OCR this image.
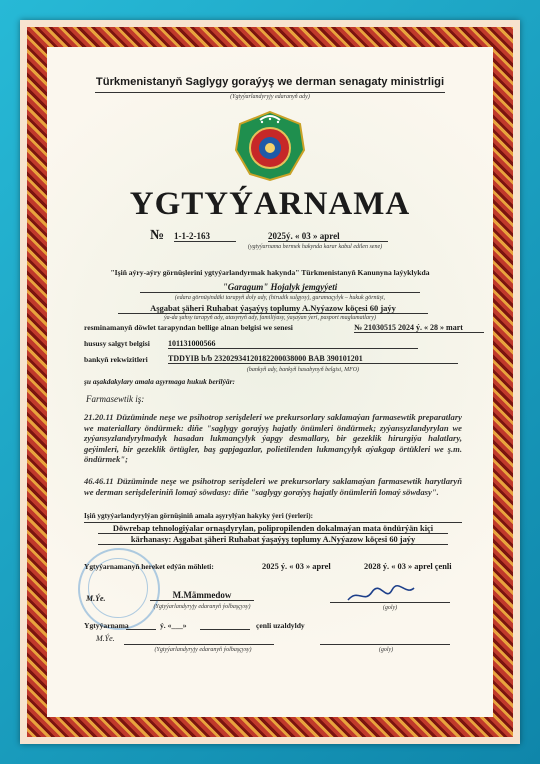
Türkmenistanyň Saglygy goraýyş we derman senagaty ministrligi
(Ygtyýarlandyryjy edaranyň ady)
YGTYÝARNAMA
№ 1-1-2-163	2025ý. « 03 » aprel
(ygtyýarnama bermek hakynda karar kabul edilen sene)
"Işiň aýry-aýry görnüşlerini ygtyýarlandyrmak hakynda" Türkmenistanyň Kanunyna laýyklykda
"Garagum" Hojalyk jemgyýeti
(edara görnüşindäki tarapyň doly ady, (hirudik sulgysy), guramaçylyk – hukuk görnüşi,
Aşgabat şäheri Ruhabat ýaşaýyş toplumy A.Nyýazow köçesi 60 jaýy
ýa-da şahsy tarapyň ady, atasynyň ady, familiýasy, ýaşaýan ýeri, pasport maglumatlary)
resminamanyň döwlet tarapyndan bellige alnan belgisi we senesi	№ 21030515 2024 ý. « 28 » mart
hususy salgyt belgisi 101131000566
bankyň rekwizitleri	TDDYIB b/b 23202934120182200038000 BAB 390101201
(bankyň ady, bankyň hasabynyň belgisi, MFO)
şu aşakdakylary amala aşyrmaga hukuk berilýär:
Farmasewtik iş:
21.20.11 Düzüminde neşe we psihotrop serişdeleri we prekursorlary saklamaýan farmasewtik preparatlary we materiallary öndürmek: diňe "saglygy goraýyş hajatly önümleri öndürmek; zyýansyzlandyrylan we zyýansyzlandyrylmadyk hasadan lukmançylyk ýapgy desmallary, bir gezeklik hirurgiýa halatlary, geýimleri, bir gezeklik örtügler, baş gapjagazlar, polietilenden lukmançylyk aýakgap örtükleri we ş.m. öndürmek";
46.46.11 Düzüminde neşe we psihotrop serişdeleri we prekursorlary saklamaýan farmasewtik harytlaryň we derman serişdeleriniň lomaý söwdasy: diňe "saglygy goraýyş hajatly önümleriň lomaý söwdasy".
Işiň ygtyýarlandyrylýan görnüşiniň amala aşyrylýan hakyky ýeri (ýerleri):
Döwrebap tehnologiýalar ornaşdyrylan, polipropilenden dokalmaýan mata öndürýän kiçi
kärhanasy: Aşgabat şäheri Ruhabat ýaşaýyş toplumy A.Nyýazow köçesi 60 jaýy
Ygtyýarnamanyň hereket edýän möhleti:	2025 ý. « 03 » aprel	2028 ý. « 03 » aprel çenli
M.Ýe.	M.Mämmedow
(Ygtyýarlandyryjy edaranyň ýolbaşçysy)	(goly)
Ygtyýarnama	ý. «___»	çenli uzaldyldy
M.Ýe.
(Ygtyýarlandyryjy edaranyň ýolbaşçysy)	(goly)
